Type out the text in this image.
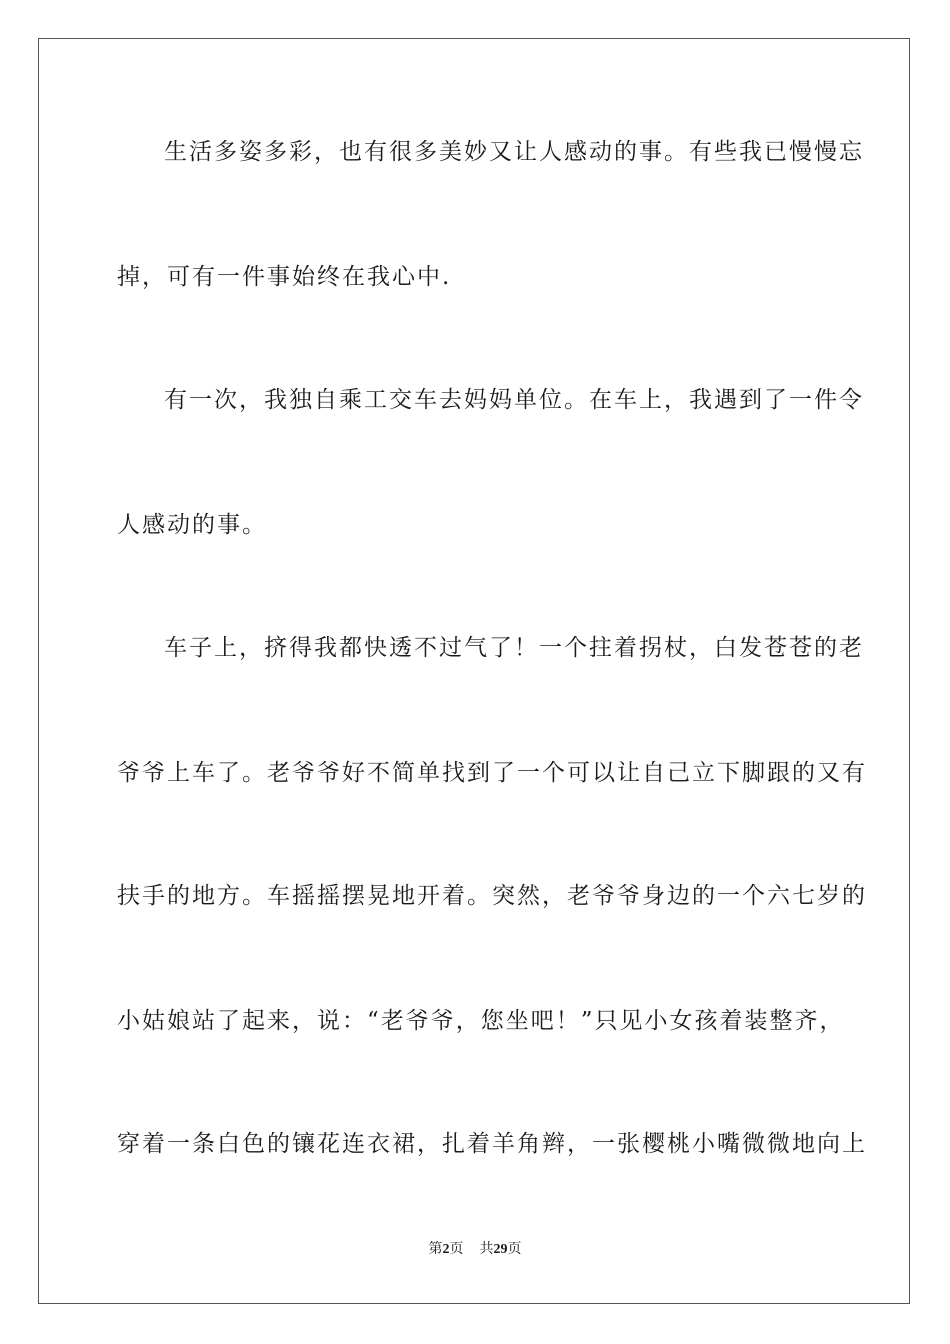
生活多姿多彩，也有很多美妙又让人感动的事。有些我已慢慢忘
掉，可有一件事始终在我心中.
有一次，我独自乘工交车去妈妈单位。在车上，我遇到了一件令
人感动的事。
车子上，挤得我都快透不过气了！一个拄着拐杖，白发苍苍的老
爷爷上车了。老爷爷好不简单找到了一个可以让自己立下脚跟的又有
扶手的地方。车摇摇摆晃地开着。突然，老爷爷身边的一个六七岁的
小姑娘站了起来，说：“老爷爷，您坐吧！”只见小女孩着装整齐，
穿着一条白色的镶花连衣裙，扎着羊角辫，一张樱桃小嘴微微地向上
第2页 共29页
